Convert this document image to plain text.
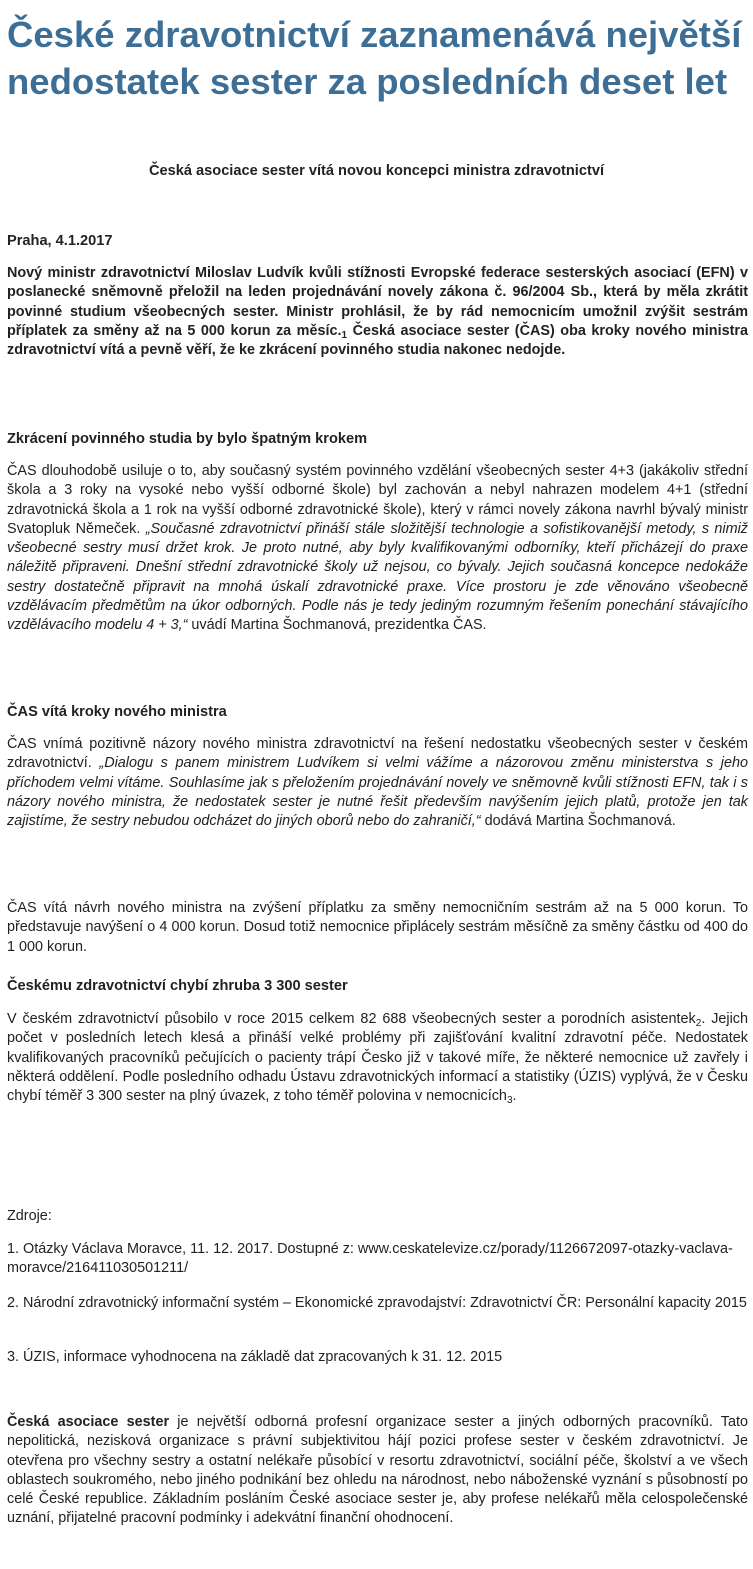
České zdravotnictví zaznamenává největší nedostatek sester za posledních deset let

Česká asociace sester vítá novou koncepci ministra zdravotnictví

Praha, 4.1.2017

Nový ministr zdravotnictví Miloslav Ludvík kvůli stížnosti Evropské federace sesterských asociací (EFN) v poslanecké sněmovně přeložil na leden projednávání novely zákona č. 96/2004 Sb., která by měla zkrátit povinné studium všeobecných sester. Ministr prohlásil, že by rád nemocnicím umožnil zvýšit sestrám příplatek za směny až na 5 000 korun za $měsíc._1$ Česká asociace sester (ČAS) oba kroky nového ministra zdravotnictví vítá a pevně věří, že ke zkrácení povinného studia nakonec nedojde.

Zkrácení povinného studia by bylo špatným krokem

ČAS dlouhodobě usiluje o to, aby současný systém povinného vzdělání všeobecných sester 4+3 (jakákoliv střední škola a 3 roky na vysoké nebo vyšší odborné škole) byl zachován a nebyl nahrazen modelem 4+1 (střední zdravotnická škola a 1 rok na vyšší odborné zdravotnické škole), který v rámci novely zákona navrhl bývalý ministr Svatopluk Němeček. „Současné zdravotnictví přináší stále složitější technologie a sofistikovanější metody, s nimiž všeobecné sestry musí držet krok. Je proto nutné, aby byly kvalifikovanými odborníky, kteří přicházejí do praxe náležitě připraveni. Dnešní střední zdravotnické školy už nejsou, co bývaly. Jejich současná koncepce nedokáže sestry dostatečně připravit na mnohá úskalí zdravotnické praxe. Více prostoru je zde věnováno všeobecně vzdělávacím předmětům na úkor odborných. Podle nás je tedy jediným rozumným řešením ponechání stávajícího vzdělávacího modelu 4 + 3,“ uvádí Martina Šochmanová, prezidentka ČAS.

ČAS vítá kroky nového ministra

ČAS vnímá pozitivně názory nového ministra zdravotnictví na řešení nedostatku všeobecných sester v českém zdravotnictví. „Dialogu s panem ministrem Ludvíkem si velmi vážíme a názorovou změnu ministerstva s jeho příchodem velmi vítáme. Souhlasíme jak s přeložením projednávání novely ve sněmovně kvůli stížnosti EFN, tak i s názory nového ministra, že nedostatek sester je nutné řešit především navýšením jejich platů, protože jen tak zajistíme, že sestry nebudou odcházet do jiných oborů nebo do zahraničí,“ dodává Martina Šochmanová.

ČAS vítá návrh nového ministra na zvýšení příplatku za směny nemocničním sestrám až na 5 000 korun. To představuje navýšení o 4 000 korun. Dosud totiž nemocnice připlácely sestrám měsíčně za směny částku od 400 do 1 000 korun.

Českému zdravotnictví chybí zhruba 3 300 sester

V českém zdravotnictví působilo v roce 2015 celkem 82 688 všeobecných sester a porodních asistentek$_2$. Jejich počet v posledních letech klesá a přináší velké problémy při zajišťování kvalitní zdravotní péče. Nedostatek kvalifikovaných pracovníků pečujících o pacienty trápí Česko již v takové míře, že některé nemocnice už zavřely i některá oddělení. Podle posledního odhadu Ústavu zdravotnických informací a statistiky (ÚZIS) vyplývá, že v Česku chybí téměř 3 300 sester na plný úvazek, z toho téměř polovina v nemocnicích$_3$.

Zdroje:

1. Otázky Václava Moravce, 11. 12. 2017. Dostupné z: www.ceskatelevize.cz/porady/1126672097-otazky-vaclava-moravce/216411030501211/

2. Národní zdravotnický informační systém – Ekonomické zpravodajství: Zdravotnictví ČR: Personální kapacity 2015

3. ÚZIS, informace vyhodnocena na základě dat zpracovaných k 31. 12. 2015

Česká asociace sester je největší odborná profesní organizace sester a jiných odborných pracovníků. Tato nepolitická, nezisková organizace s právní subjektivitou hájí pozici profese sester v českém zdravotnictví. Je otevřena pro všechny sestry a ostatní nelékaře působící v resortu zdravotnictví, sociální péče, školství a ve všech oblastech soukromého, nebo jiného podnikání bez ohledu na národnost, nebo náboženské vyznání s působností po celé České republice. Základním posláním České asociace sester je, aby profese nelékařů měla celospolečenské uznání, přijatelné pracovní podmínky i adekvátní finanční ohodnocení.
